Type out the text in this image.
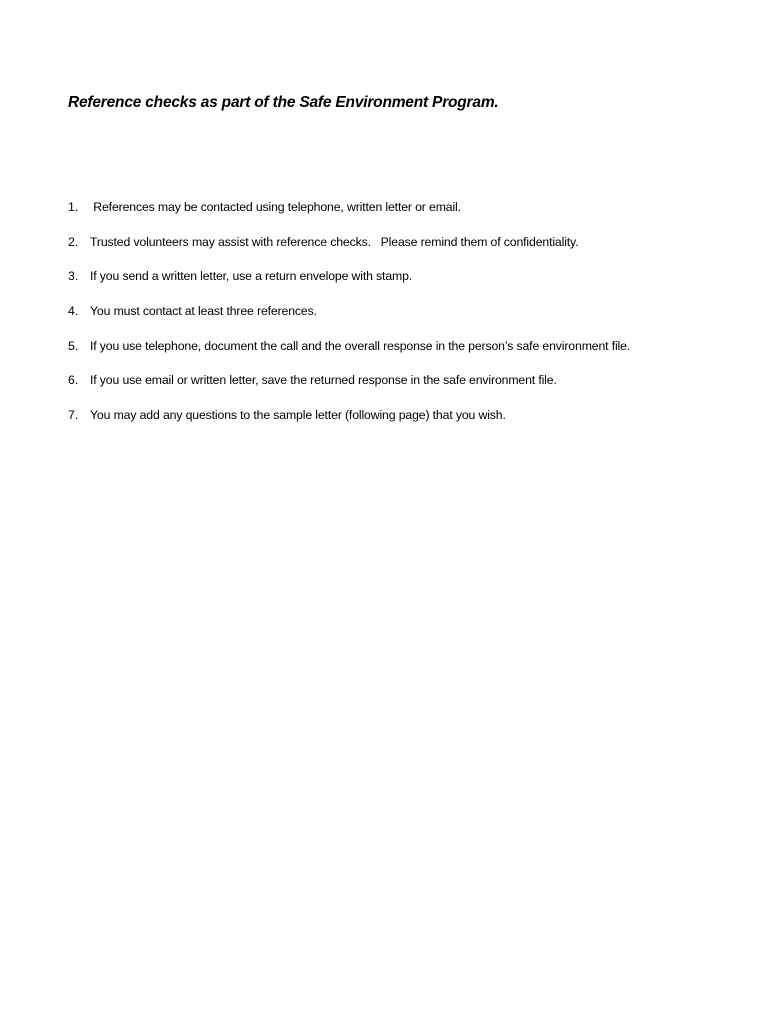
Reference checks as part of the Safe Environment Program.
1. References may be contacted using telephone, written letter or email.
2. Trusted volunteers may assist with reference checks.   Please remind them of confidentiality.
3. If you send a written letter, use a return envelope with stamp.
4. You must contact at least three references.
5. If you use telephone, document the call and the overall response in the person’s safe environment file.
6. If you use email or written letter, save the returned response in the safe environment file.
7. You may add any questions to the sample letter (following page) that you wish.
